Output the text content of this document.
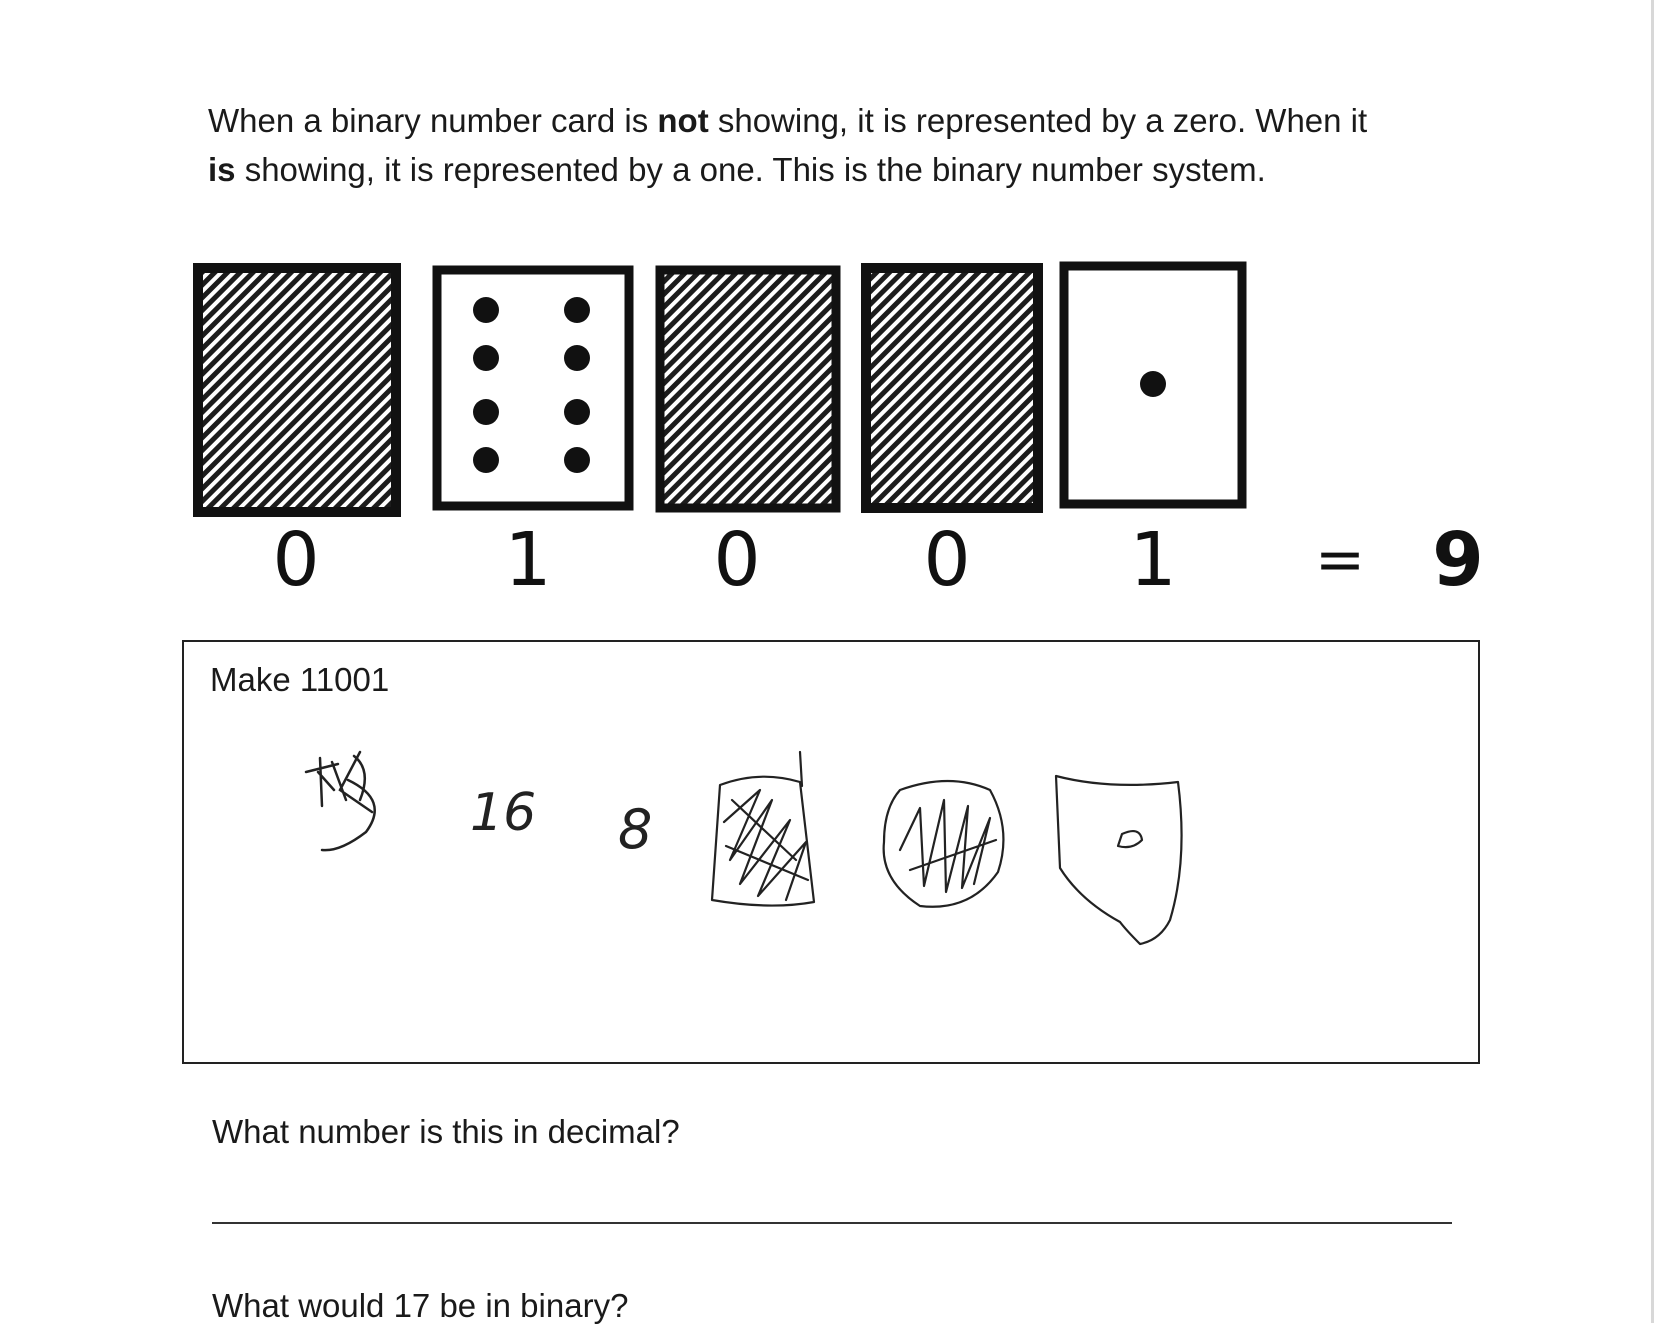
When a binary number card is not showing, it is represented by a zero. When it
is showing, it is represented by a one. This is the binary number system.
0 1 0 0 1 = 9
Make 11001
16 8
What number is this in decimal?
What would 17 be in binary?
